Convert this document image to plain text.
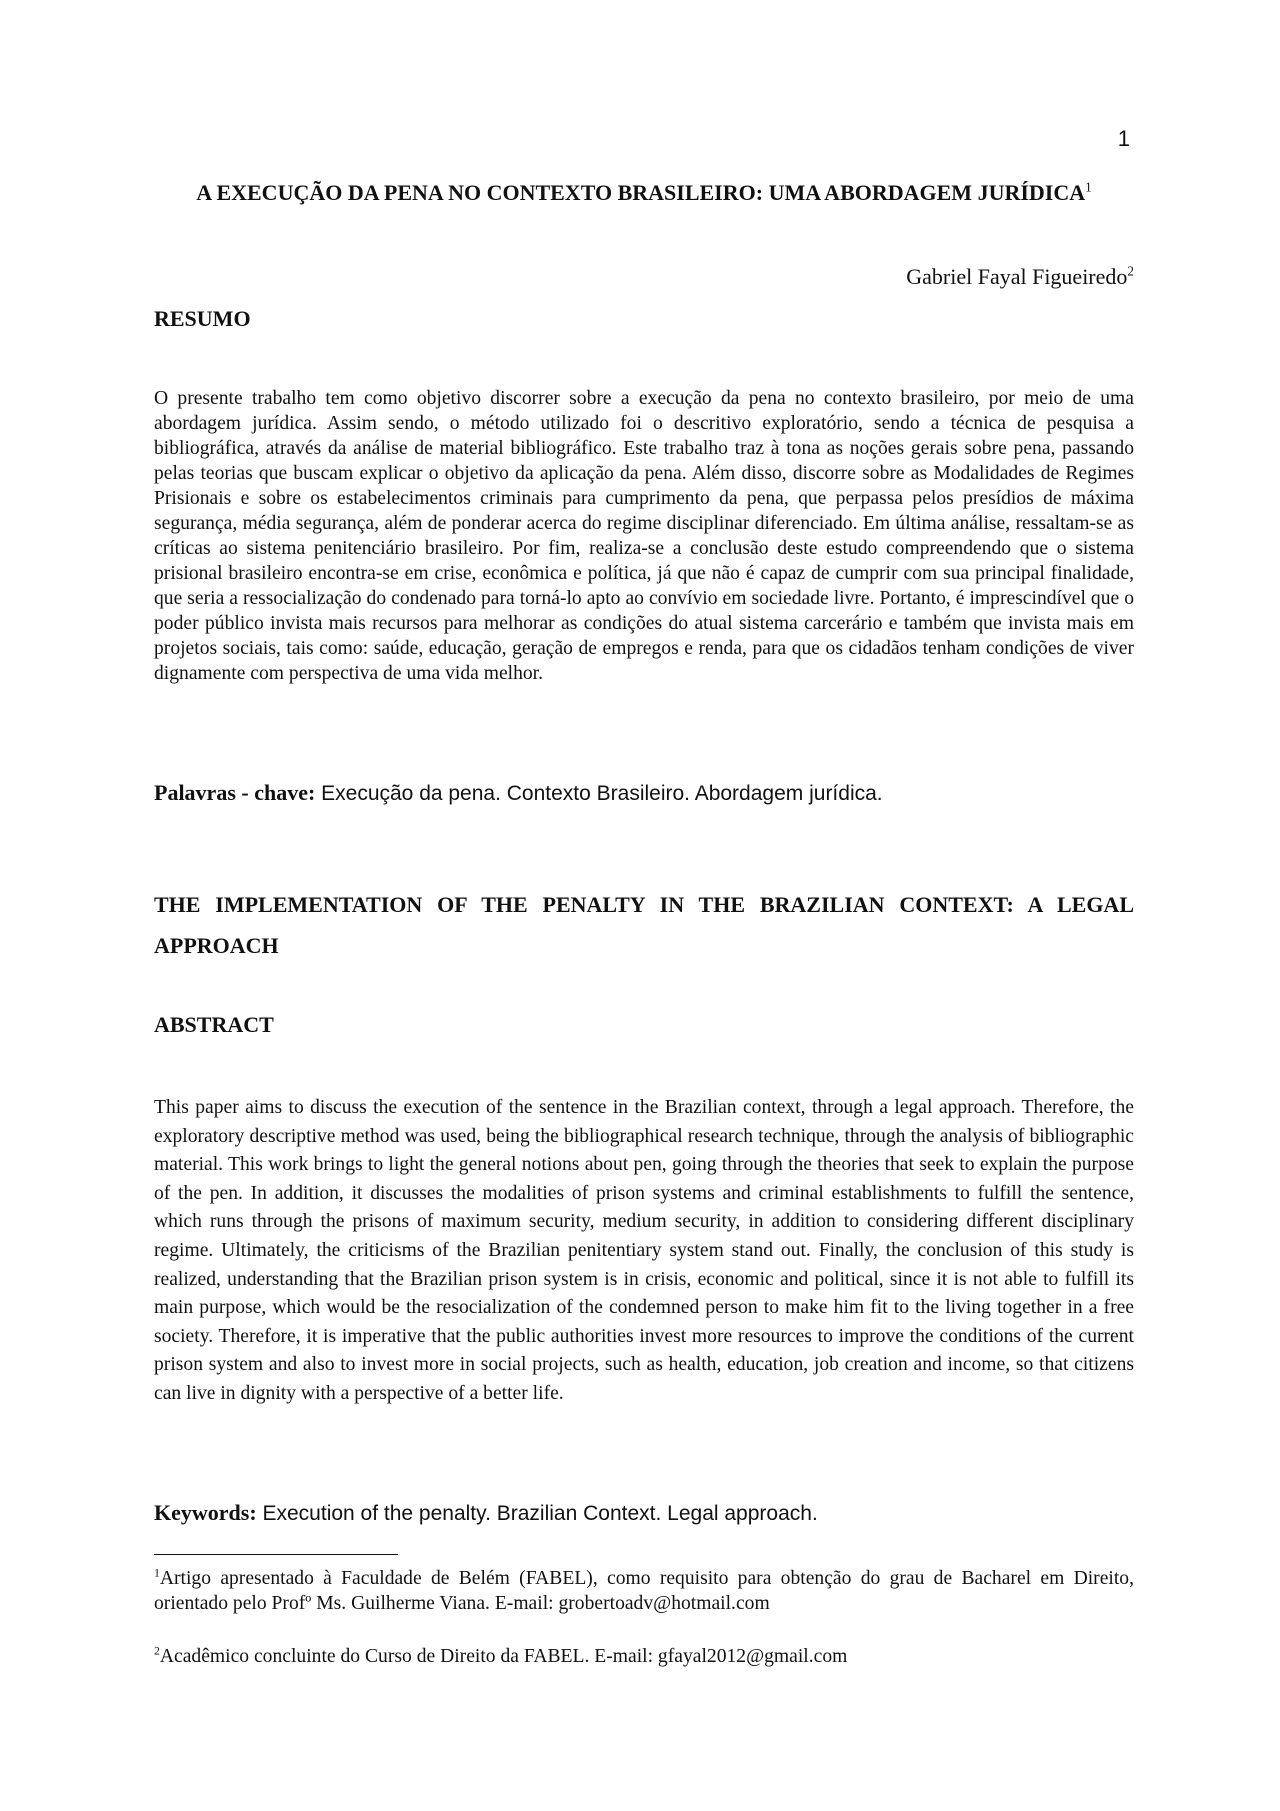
1
A EXECUÇÃO DA PENA NO CONTEXTO BRASILEIRO: UMA ABORDAGEM JURÍDICA$^1$
Gabriel Fayal Figueiredo$^2$
RESUMO

O presente trabalho tem como objetivo discorrer sobre a execução da pena no contexto brasileiro, por meio de uma abordagem jurídica. Assim sendo, o método utilizado foi o descritivo exploratório, sendo a técnica de pesquisa a bibliográfica, através da análise de material bibliográfico. Este trabalho traz à tona as noções gerais sobre pena, passando pelas teorias que buscam explicar o objetivo da aplicação da pena. Além disso, discorre sobre as Modalidades de Regimes Prisionais e sobre os estabelecimentos criminais para cumprimento da pena, que perpassa pelos presídios de máxima segurança, média segurança, além de ponderar acerca do regime disciplinar diferenciado. Em última análise, ressaltam-se as críticas ao sistema penitenciário brasileiro. Por fim, realiza-se a conclusão deste estudo compreendendo que o sistema prisional brasileiro encontra-se em crise, econômica e política, já que não é capaz de cumprir com sua principal finalidade, que seria a ressocialização do condenado para torná-lo apto ao convívio em sociedade livre. Portanto, é imprescindível que o poder público invista mais recursos para melhorar as condições do atual sistema carcerário e também que invista mais em projetos sociais, tais como: saúde, educação, geração de empregos e renda, para que os cidadãos tenham condições de viver dignamente com perspectiva de uma vida melhor.

Palavras - chave: Execução da pena. Contexto Brasileiro. Abordagem jurídica.

THE IMPLEMENTATION OF THE PENALTY IN THE BRAZILIAN CONTEXT: A LEGAL APPROACH
ABSTRACT

This paper aims to discuss the execution of the sentence in the Brazilian context, through a legal approach. Therefore, the exploratory descriptive method was used, being the bibliographical research technique, through the analysis of bibliographic material. This work brings to light the general notions about pen, going through the theories that seek to explain the purpose of the pen. In addition, it discusses the modalities of prison systems and criminal establishments to fulfill the sentence, which runs through the prisons of maximum security, medium security, in addition to considering different disciplinary regime. Ultimately, the criticisms of the Brazilian penitentiary system stand out. Finally, the conclusion of this study is realized, understanding that the Brazilian prison system is in crisis, economic and political, since it is not able to fulfill its main purpose, which would be the resocialization of the condemned person to make him fit to the living together in a free society. Therefore, it is imperative that the public authorities invest more resources to improve the conditions of the current prison system and also to invest more in social projects, such as health, education, job creation and income, so that citizens can live in dignity with a perspective of a better life.

Keywords: Execution of the penalty. Brazilian Context. Legal approach.

$^1$Artigo apresentado à Faculdade de Belém (FABEL), como requisito para obtenção do grau de Bacharel em Direito, orientado pelo Profº Ms. Guilherme Viana. E-mail: grobertoadv@hotmail.com

$^2$Acadêmico concluinte do Curso de Direito da FABEL. E-mail: gfayal2012@gmail.com
